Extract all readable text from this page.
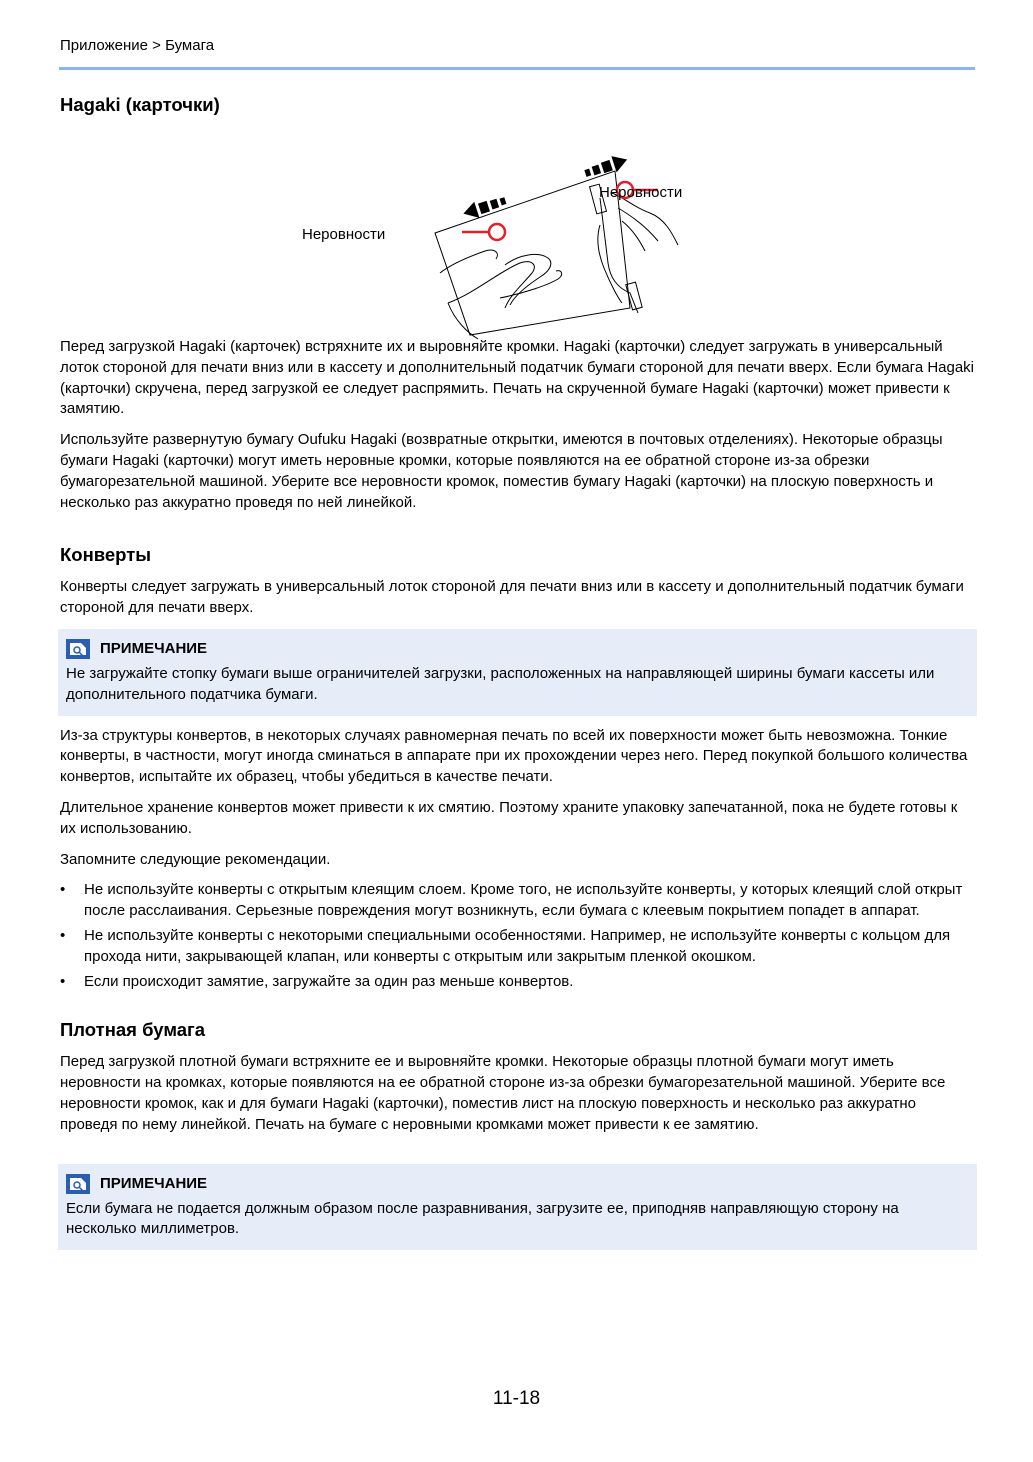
Приложение > Бумага
Hagaki (карточки)
Неровности
Неровности

Перед загрузкой Hagaki (карточек) встряхните их и выровняйте кромки. Hagaki (карточки) следует загружать в универсальный лоток стороной для печати вниз или в кассету и дополнительный податчик бумаги стороной для печати вверх. Если бумага Hagaki (карточки) скручена, перед загрузкой ее следует распрямить. Печать на скрученной бумаге Hagaki (карточки) может привести к замятию.

Используйте развернутую бумагу Oufuku Hagaki (возвратные открытки, имеются в почтовых отделениях). Некоторые образцы бумаги Hagaki (карточки) могут иметь неровные кромки, которые появляются на ее обратной стороне из-за обрезки бумагорезательной машиной. Уберите все неровности кромок, поместив бумагу Hagaki (карточки) на плоскую поверхность и несколько раз аккуратно проведя по ней линейкой.

Конверты

Конверты следует загружать в универсальный лоток стороной для печати вниз или в кассету и дополнительный податчик бумаги стороной для печати вверх.

ПРИМЕЧАНИЕ

Не загружайте стопку бумаги выше ограничителей загрузки, расположенных на направляющей ширины бумаги кассеты или дополнительного податчика бумаги.

Из-за структуры конвертов, в некоторых случаях равномерная печать по всей их поверхности может быть невозможна. Тонкие конверты, в частности, могут иногда сминаться в аппарате при их прохождении через него. Перед покупкой большого количества конвертов, испытайте их образец, чтобы убедиться в качестве печати.

Длительное хранение конвертов может привести к их смятию. Поэтому храните упаковку запечатанной, пока не будете готовы к их использованию.

Запомните следующие рекомендации.

• Не используйте конверты с открытым клеящим слоем. Кроме того, не используйте конверты, у которых клеящий слой открыт после расслаивания. Серьезные повреждения могут возникнуть, если бумага с клеевым покрытием попадет в аппарат.
• Не используйте конверты с некоторыми специальными особенностями. Например, не используйте конверты с кольцом для прохода нити, закрывающей клапан, или конверты с открытым или закрытым пленкой окошком.
• Если происходит замятие, загружайте за один раз меньше конвертов.
Плотная бумага

Перед загрузкой плотной бумаги встряхните ее и выровняйте кромки. Некоторые образцы плотной бумаги могут иметь неровности на кромках, которые появляются на ее обратной стороне из-за обрезки бумагорезательной машиной. Уберите все неровности кромок, как и для бумаги Hagaki (карточки), поместив лист на плоскую поверхность и несколько раз аккуратно проведя по нему линейкой. Печать на бумаге с неровными кромками может привести к ее замятию.

ПРИМЕЧАНИЕ

Если бумага не подается должным образом после разравнивания, загрузите ее, приподняв направляющую сторону на несколько миллиметров.

11-18
